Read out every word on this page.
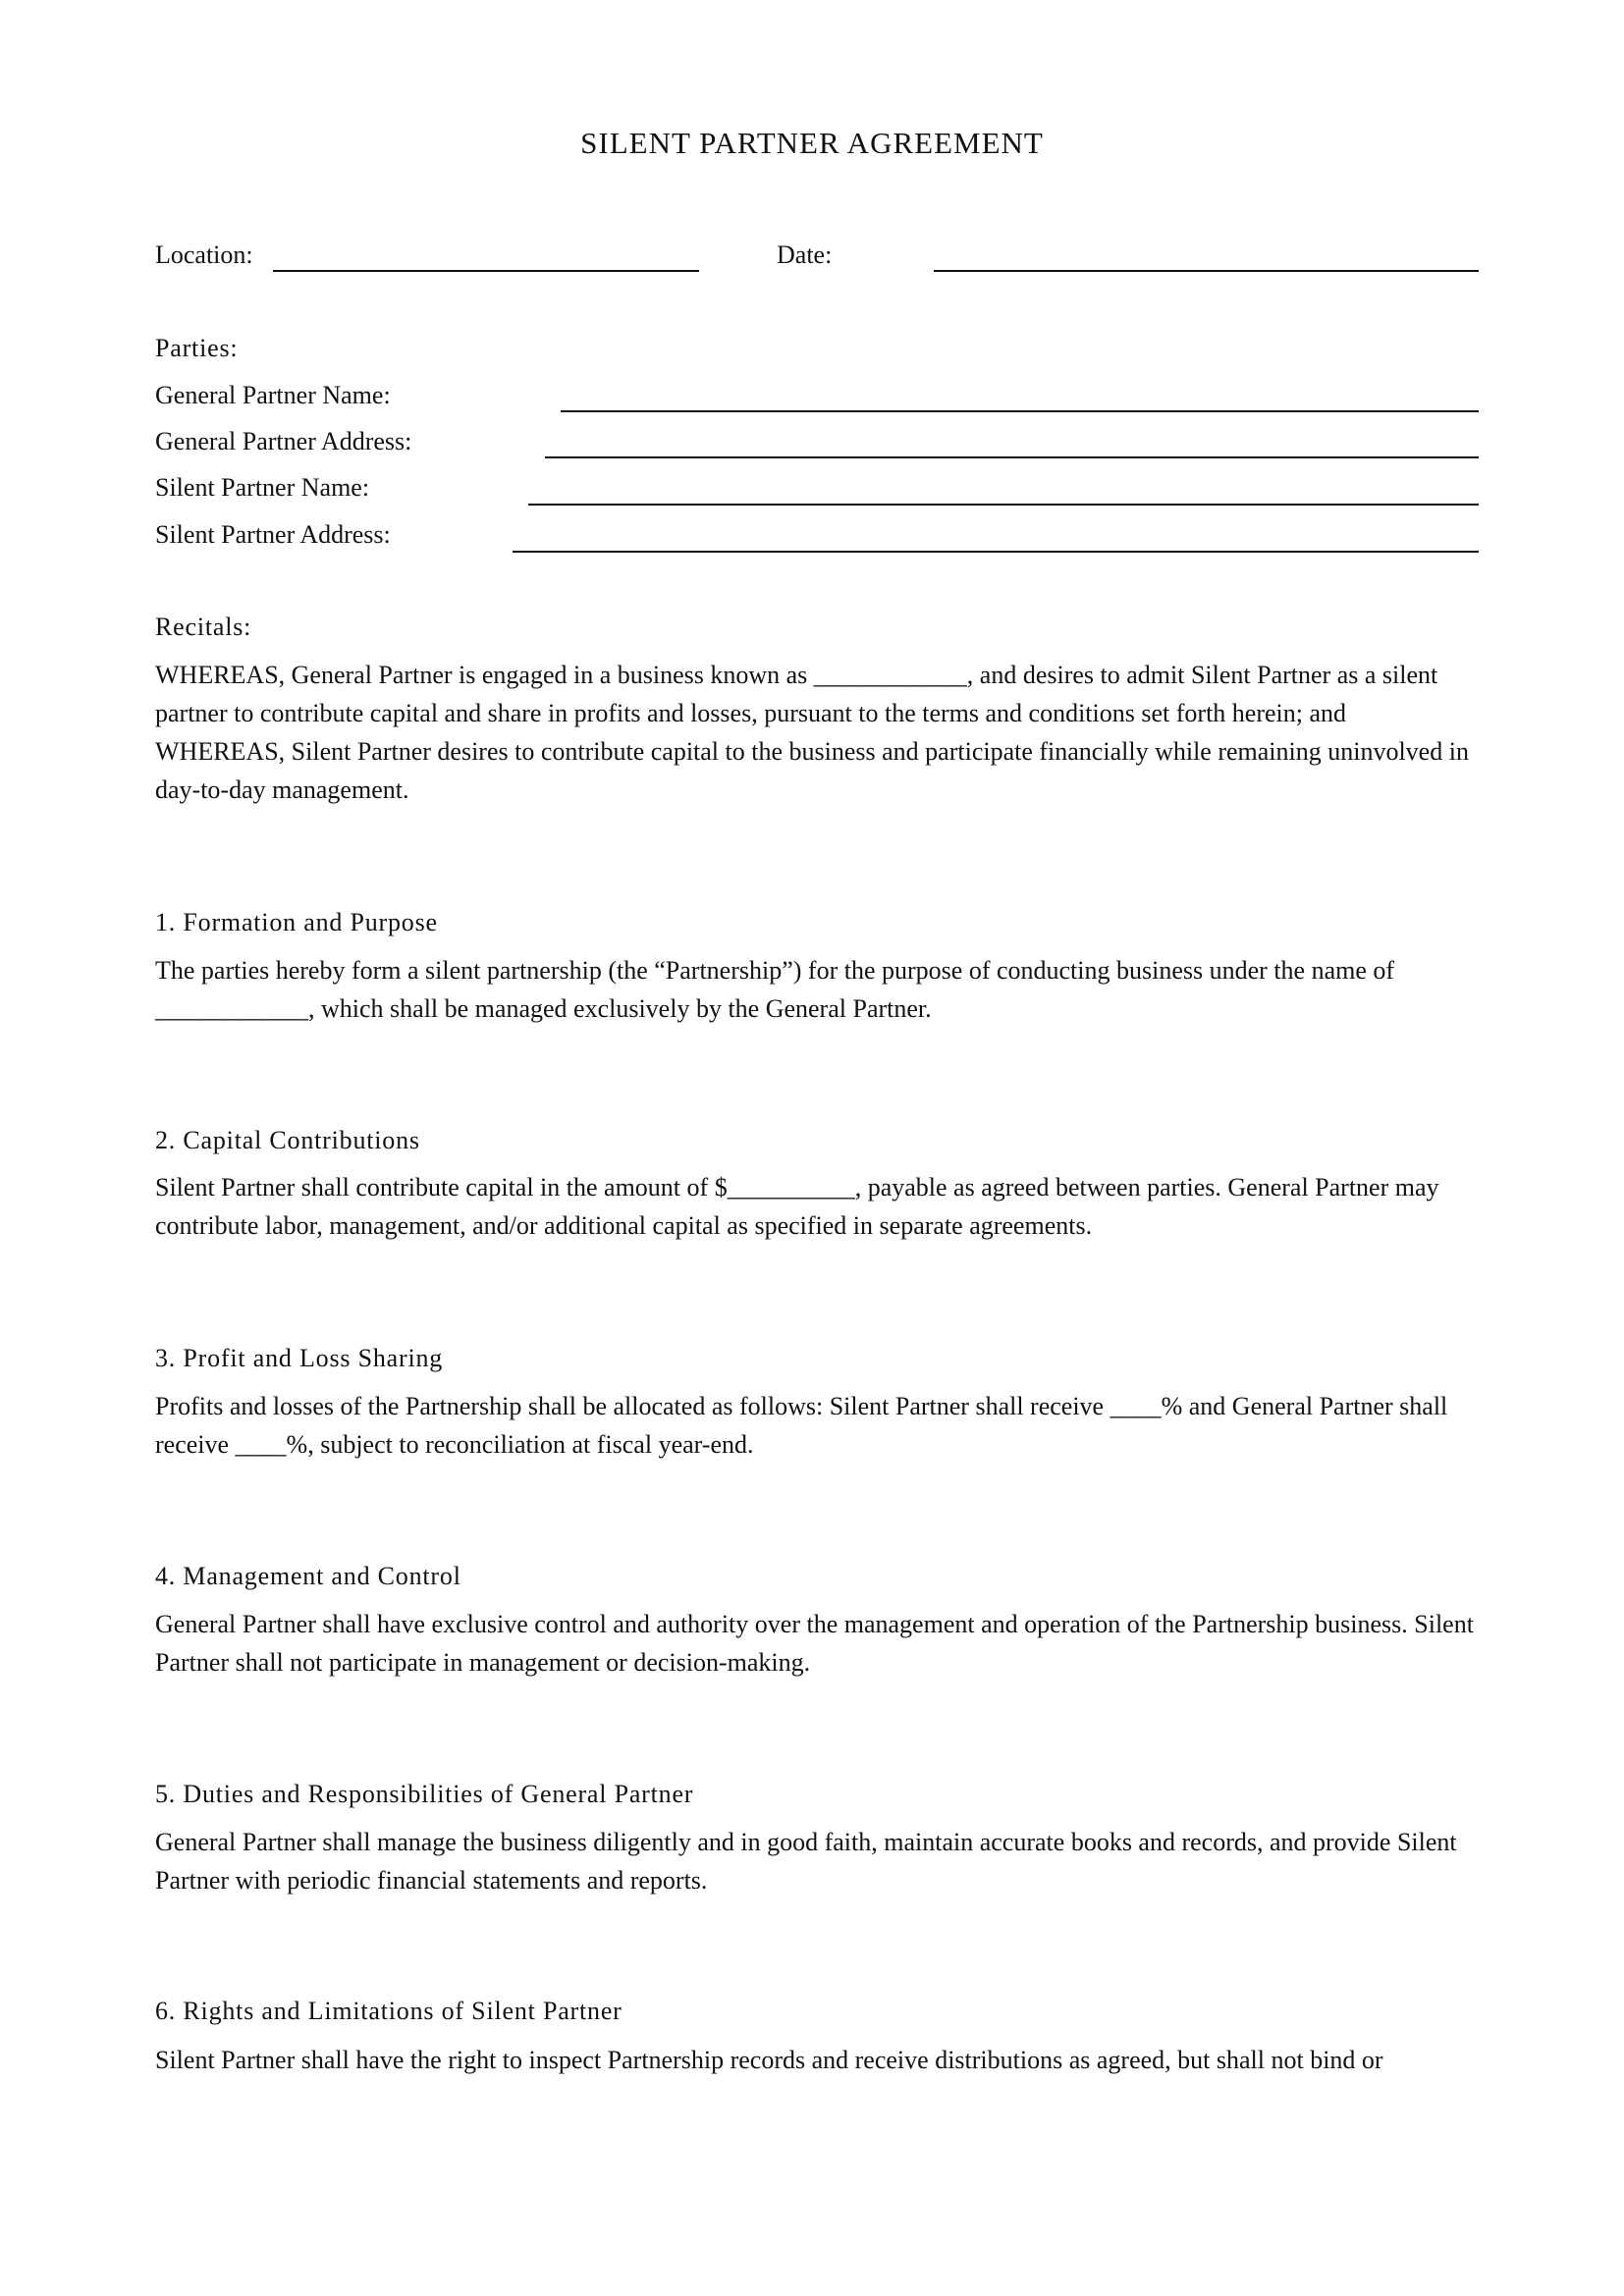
SILENT PARTNER AGREEMENT
Location:	Date:
Parties:
General Partner Name:
General Partner Address:
Silent Partner Name:
Silent Partner Address:
Recitals:

WHEREAS, General Partner is engaged in a business known as ____________, and desires to admit Silent Partner as a silent partner to contribute capital and share in profits and losses, pursuant to the terms and conditions set forth herein; and WHEREAS, Silent Partner desires to contribute capital to the business and participate financially while remaining uninvolved in day-to-day management.

1. Formation and Purpose

The parties hereby form a silent partnership (the “Partnership”) for the purpose of conducting business under the name of ____________, which shall be managed exclusively by the General Partner.

2. Capital Contributions

Silent Partner shall contribute capital in the amount of $__________, payable as agreed between parties. General Partner may contribute labor, management, and/or additional capital as specified in separate agreements.

3. Profit and Loss Sharing

Profits and losses of the Partnership shall be allocated as follows: Silent Partner shall receive ____% and General Partner shall receive ____%, subject to reconciliation at fiscal year-end.

4. Management and Control

General Partner shall have exclusive control and authority over the management and operation of the Partnership business. Silent Partner shall not participate in management or decision-making.

5. Duties and Responsibilities of General Partner

General Partner shall manage the business diligently and in good faith, maintain accurate books and records, and provide Silent Partner with periodic financial statements and reports.

6. Rights and Limitations of Silent Partner

Silent Partner shall have the right to inspect Partnership records and receive distributions as agreed, but shall not bind or
